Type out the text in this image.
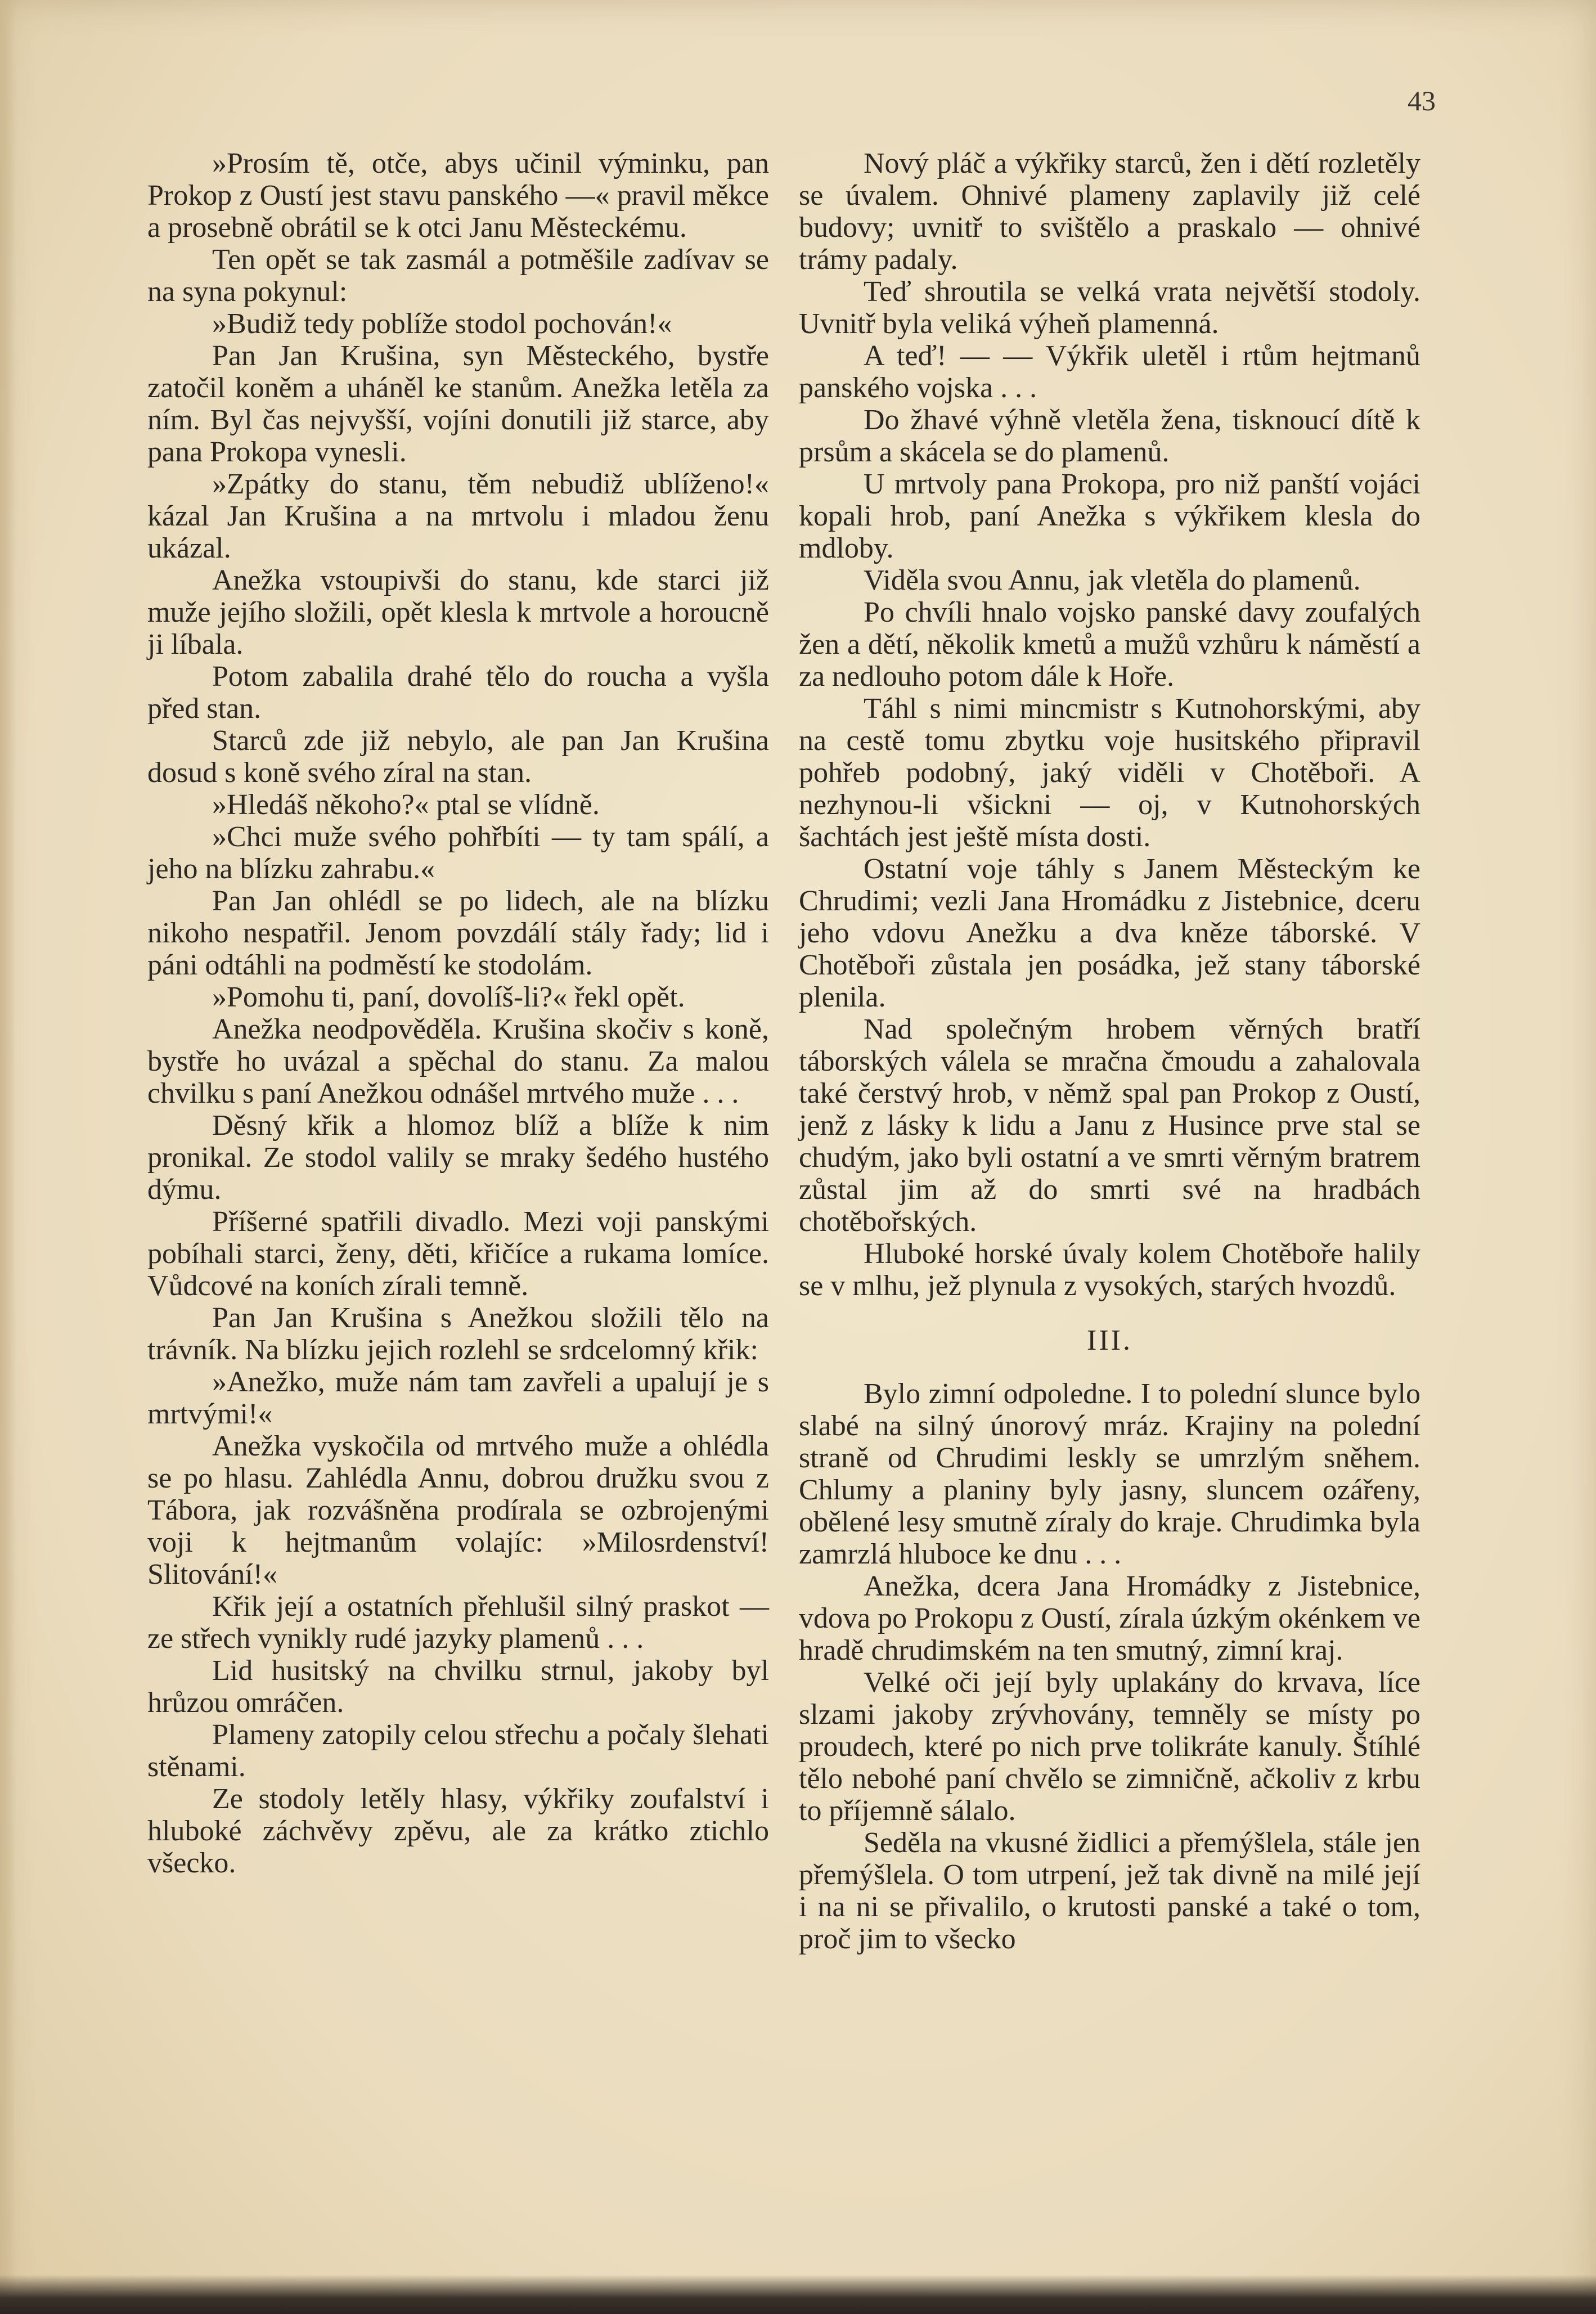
43

»Prosím tě, otče, abys učinil výminku, pan Prokop z Oustí jest stavu panského —« pravil měkce a prosebně obrátil se k otci Janu Městeckému.

Ten opět se tak zasmál a potměšile zadívav se na syna pokynul:

»Budiž tedy poblíže stodol pochován!«

Pan Jan Krušina, syn Městeckého, bystře zatočil koněm a uháněl ke stanům. Anežka letěla za ním. Byl čas nejvyšší, vojíni donutili již starce, aby pana Prokopa vynesli.

»Zpátky do stanu, těm nebudiž ublíženo!« kázal Jan Krušina a na mrtvolu i mladou ženu ukázal.

Anežka vstoupivši do stanu, kde starci již muže jejího složili, opět klesla k mrtvole a horoucně ji líbala.

Potom zabalila drahé tělo do roucha a vyšla před stan.

Starců zde již nebylo, ale pan Jan Krušina dosud s koně svého zíral na stan.

»Hledáš někoho?« ptal se vlídně.

»Chci muže svého pohřbíti — ty tam spálí, a jeho na blízku zahrabu.«

Pan Jan ohlédl se po lidech, ale na blízku nikoho nespatřil. Jenom povzdálí stály řady; lid i páni odtáhli na podměstí ke stodolám.

»Pomohu ti, paní, dovolíš-li?« řekl opět.

Anežka neodpověděla. Krušina skočiv s koně, bystře ho uvázal a spěchal do stanu. Za malou chvilku s paní Anežkou odnášel mrtvého muže . . .

Děsný křik a hlomoz blíž a blíže k nim pronikal. Ze stodol valily se mraky šedého hustého dýmu.

Příšerné spatřili divadlo. Mezi voji panskými pobíhali starci, ženy, děti, křičíce a rukama lomíce. Vůdcové na koních zírali temně.

Pan Jan Krušina s Anežkou složili tělo na trávník. Na blízku jejich rozlehl se srdcelomný křik:

»Anežko, muže nám tam zavřeli a upalují je s mrtvými!«

Anežka vyskočila od mrtvého muže a ohlédla se po hlasu. Zahlédla Annu, dobrou družku svou z Tábora, jak rozvášněna prodírala se ozbrojenými voji k hejtmanům volajíc: »Milosrdenství! Slitování!«

Křik její a ostatních přehlušil silný praskot — ze střech vynikly rudé jazyky plamenů . . .

Lid husitský na chvilku strnul, jakoby byl hrůzou omráčen.

Plameny zatopily celou střechu a počaly šlehati stěnami.

Ze stodoly letěly hlasy, výkřiky zoufalství i hluboké záchvěvy zpěvu, ale za krátko ztichlo všecko.

Nový pláč a výkřiky starců, žen i dětí rozletěly se úvalem. Ohnivé plameny zaplavily již celé budovy; uvnitř to svištělo a praskalo — ohnivé trámy padaly.

Teď shroutila se velká vrata největší stodoly. Uvnitř byla veliká výheň plamenná.

A teď! — — Výkřik uletěl i rtům hejtmanů panského vojska . . .

Do žhavé výhně vletěla žena, tisknoucí dítě k prsům a skácela se do plamenů.

U mrtvoly pana Prokopa, pro niž panští vojáci kopali hrob, paní Anežka s výkřikem klesla do mdloby.

Viděla svou Annu, jak vletěla do plamenů.

Po chvíli hnalo vojsko panské davy zoufalých žen a dětí, několik kmetů a mužů vzhůru k náměstí a za nedlouho potom dále k Hoře.

Táhl s nimi mincmistr s Kutnohorskými, aby na cestě tomu zbytku voje husitského připravil pohřeb podobný, jaký viděli v Chotěboři. A nezhynou-li všickni — oj, v Kutnohorských šachtách jest ještě místa dosti.

Ostatní voje táhly s Janem Městeckým ke Chrudimi; vezli Jana Hromádku z Jistebnice, dceru jeho vdovu Anežku a dva kněze táborské. V Chotěboři zůstala jen posádka, jež stany táborské plenila.

Nad společným hrobem věrných bratří táborských válela se mračna čmoudu a zahalovala také čerstvý hrob, v němž spal pan Prokop z Oustí, jenž z lásky k lidu a Janu z Husince prve stal se chudým, jako byli ostatní a ve smrti věrným bratrem zůstal jim až do smrti své na hradbách chotěbořských.

Hluboké horské úvaly kolem Chotěboře halily se v mlhu, jež plynula z vysokých, starých hvozdů.

III.

Bylo zimní odpoledne. I to polední slunce bylo slabé na silný únorový mráz. Krajiny na polední straně od Chrudimi leskly se umrzlým sněhem. Chlumy a planiny byly jasny, sluncem ozářeny, obělené lesy smutně zíraly do kraje. Chrudimka byla zamrzlá hluboce ke dnu . . .

Anežka, dcera Jana Hromádky z Jistebnice, vdova po Prokopu z Oustí, zírala úzkým okénkem ve hradě chrudimském na ten smutný, zimní kraj.

Velké oči její byly uplakány do krvava, líce slzami jakoby zrývhovány, temněly se místy po proudech, které po nich prve tolikráte kanuly. Štíhlé tělo nebohé paní chvělo se zimničně, ačkoliv z krbu to příjemně sálalo.

Seděla na vkusné židlici a přemýšlela, stále jen přemýšlela. O tom utrpení, jež tak divně na milé její i na ni se přivalilo, o krutosti panské a také o tom, proč jim to všecko
